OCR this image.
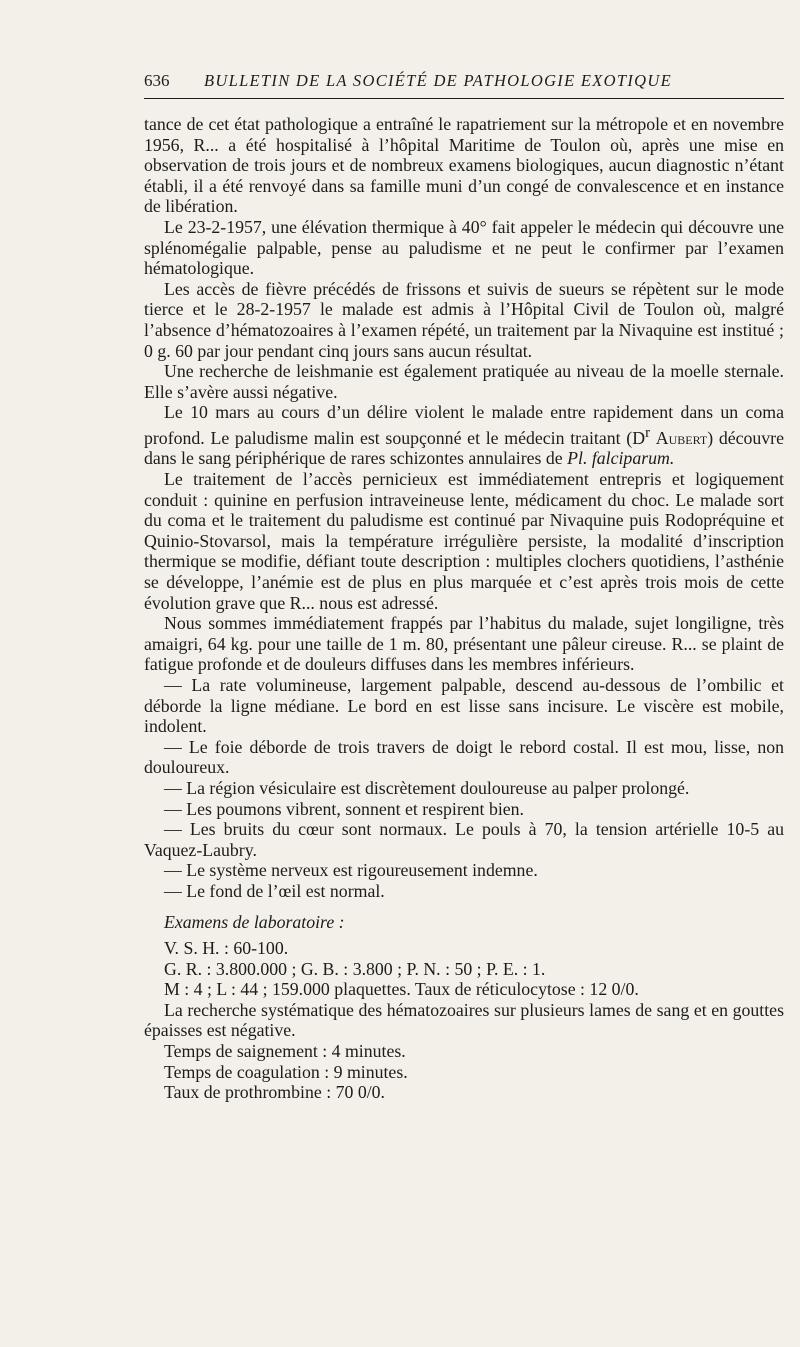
636	BULLETIN DE LA SOCIÉTÉ DE PATHOLOGIE EXOTIQUE

tance de cet état pathologique a entraîné le rapatriement sur la métropole et en novembre 1956, R... a été hospitalisé à l’hôpital Maritime de Toulon où, après une mise en observation de trois jours et de nombreux examens biologiques, aucun diagnostic n’étant établi, il a été renvoyé dans sa famille muni d’un congé de convalescence et en instance de libération.

Le 23-2-1957, une élévation thermique à 40° fait appeler le médecin qui découvre une splénomégalie palpable, pense au paludisme et ne peut le confirmer par l’examen hématologique.

Les accès de fièvre précédés de frissons et suivis de sueurs se répètent sur le mode tierce et le 28-2-1957 le malade est admis à l’Hôpital Civil de Toulon où, malgré l’absence d’hématozoaires à l’examen répété, un traitement par la Nivaquine est institué ; 0 g. 60 par jour pendant cinq jours sans aucun résultat.

Une recherche de leishmanie est également pratiquée au niveau de la moelle sternale. Elle s’avère aussi négative.

Le 10 mars au cours d’un délire violent le malade entre rapidement dans un coma profond. Le paludisme malin est soupçonné et le médecin traitant ($D^r$ Aubert) découvre dans le sang périphérique de rares schizontes annulaires de Pl. falciparum.

Le traitement de l’accès pernicieux est immédiatement entrepris et logiquement conduit : quinine en perfusion intraveineuse lente, médicament du choc. Le malade sort du coma et le traitement du paludisme est continué par Nivaquine puis Rodopréquine et Quinio-Stovarsol, mais la température irrégulière persiste, la modalité d’inscription thermique se modifie, défiant toute description : multiples clochers quotidiens, l’asthénie se développe, l’anémie est de plus en plus marquée et c’est après trois mois de cette évolution grave que R... nous est adressé.

Nous sommes immédiatement frappés par l’habitus du malade, sujet longiligne, très amaigri, 64 kg. pour une taille de 1 m. 80, présentant une pâleur cireuse. R... se plaint de fatigue profonde et de douleurs diffuses dans les membres inférieurs.

— La rate volumineuse, largement palpable, descend au-dessous de l’ombilic et déborde la ligne médiane. Le bord en est lisse sans incisure. Le viscère est mobile, indolent.

— Le foie déborde de trois travers de doigt le rebord costal. Il est mou, lisse, non douloureux.

— La région vésiculaire est discrètement douloureuse au palper prolongé.

— Les poumons vibrent, sonnent et respirent bien.

— Les bruits du cœur sont normaux. Le pouls à 70, la tension artérielle 10-5 au Vaquez-Laubry.

— Le système nerveux est rigoureusement indemne.

— Le fond de l’œil est normal.

Examens de laboratoire :

V. S. H. : 60-100.

G. R. : 3.800.000 ; G. B. : 3.800 ; P. N. : 50 ; P. E. : 1.

M : 4 ; L : 44 ; 159.000 plaquettes. Taux de réticulocytose : 12 0/0.

La recherche systématique des hématozoaires sur plusieurs lames de sang et en gouttes épaisses est négative.

Temps de saignement : 4 minutes.

Temps de coagulation : 9 minutes.

Taux de prothrombine : 70 0/0.
